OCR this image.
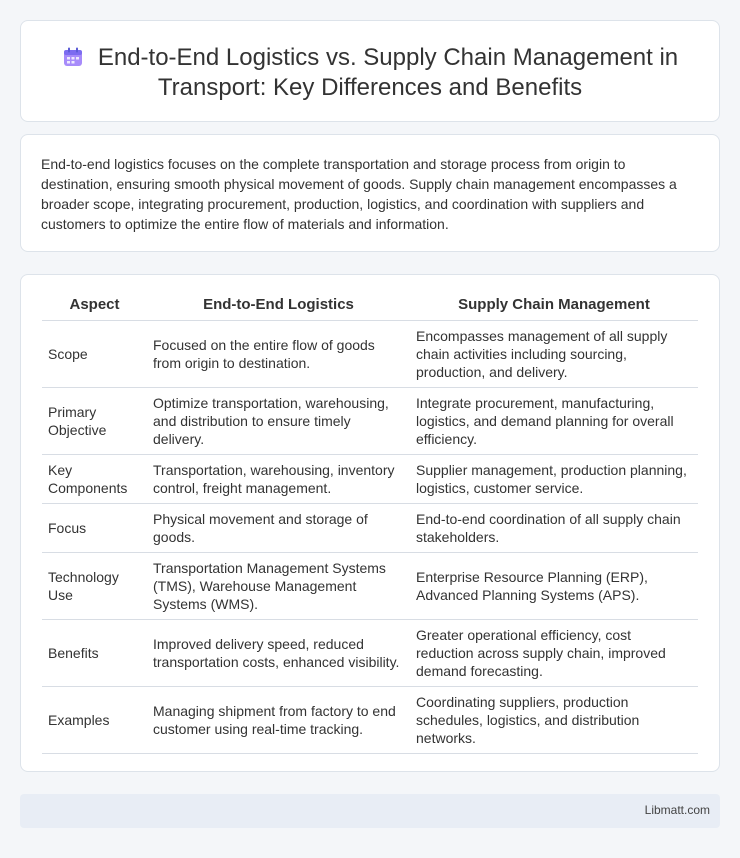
End-to-End Logistics vs. Supply Chain Management in Transport: Key Differences and Benefits

End-to-end logistics focuses on the complete transportation and storage process from origin to destination, ensuring smooth physical movement of goods. Supply chain management encompasses a broader scope, integrating procurement, production, logistics, and coordination with suppliers and customers to optimize the entire flow of materials and information.

Aspect	End-to-End Logistics	Supply Chain Management
Scope	Focused on the entire flow of goods from origin to destination.	Encompasses management of all supply chain activities including sourcing, production, and delivery.
Primary Objective	Optimize transportation, warehousing, and distribution to ensure timely delivery.	Integrate procurement, manufacturing, logistics, and demand planning for overall efficiency.
Key Components	Transportation, warehousing, inventory control, freight management.	Supplier management, production planning, logistics, customer service.
Focus	Physical movement and storage of goods.	End-to-end coordination of all supply chain stakeholders.
Technology Use	Transportation Management Systems (TMS), Warehouse Management Systems (WMS).	Enterprise Resource Planning (ERP), Advanced Planning Systems (APS).
Benefits	Improved delivery speed, reduced transportation costs, enhanced visibility.	Greater operational efficiency, cost reduction across supply chain, improved demand forecasting.
Examples	Managing shipment from factory to end customer using real-time tracking.	Coordinating suppliers, production schedules, logistics, and distribution networks.
Libmatt.com
